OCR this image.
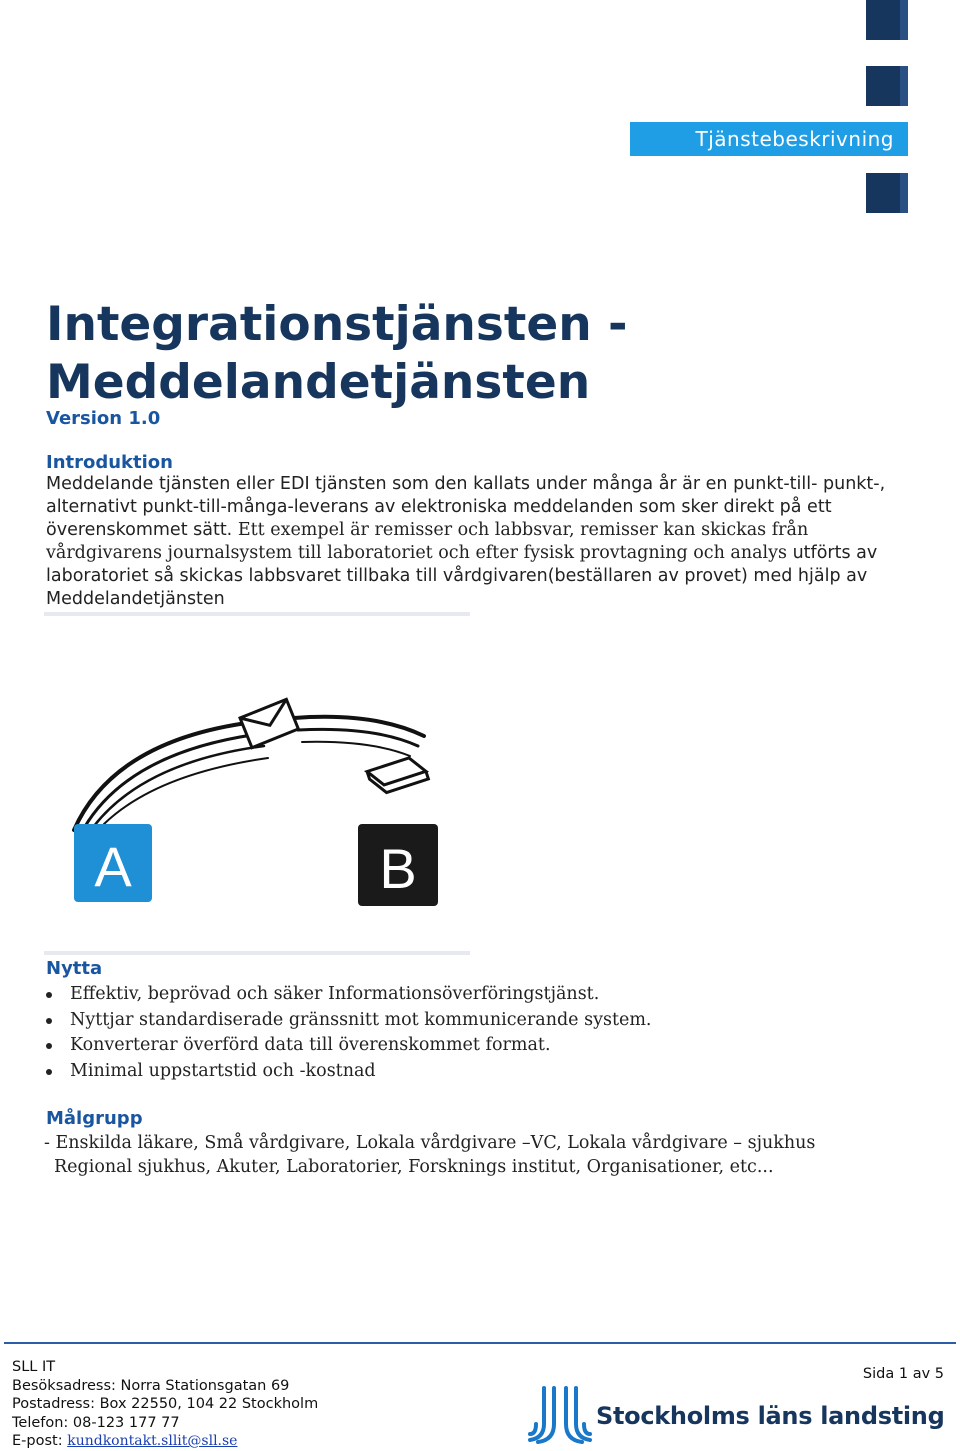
Tjänstebeskrivning
Integrationstjänsten -
Meddelandetjänsten
Version 1.0
Introduktion
Meddelande tjänsten eller EDI tjänsten som den kallats under många år är en punkt-till- punkt-, alternativt punkt-till-många-leverans av elektroniska meddelanden som sker direkt på ett överenskommet sätt. Ett exempel är remisser och labbsvar, remisser kan skickas från vårdgivarens journalsystem till laboratoriet och efter fysisk provtagning och analys utförts av laboratoriet så skickas labbsvaret tillbaka till vårdgivaren(beställaren av provet) med hjälp av Meddelandetjänsten
A	B
Nytta
Effektiv, beprövad och säker Informationsöverföringstjänst.
Nyttjar standardiserade gränssnitt mot kommunicerande system.
Konverterar överförd data till överenskommet format.
Minimal uppstartstid och -kostnad
Målgrupp
- Enskilda läkare, Små vårdgivare, Lokala vårdgivare –VC, Lokala vårdgivare – sjukhus
Regional sjukhus, Akuter, Laboratorier, Forsknings institut, Organisationer, etc...
SLL IT
Besöksadress: Norra Stationsgatan 69
Postadress: Box 22550, 104 22 Stockholm
Telefon: 08-123 177 77
E-post: kundkontakt.sllit@sll.se
Sida 1 av 5
Stockholms läns landsting
